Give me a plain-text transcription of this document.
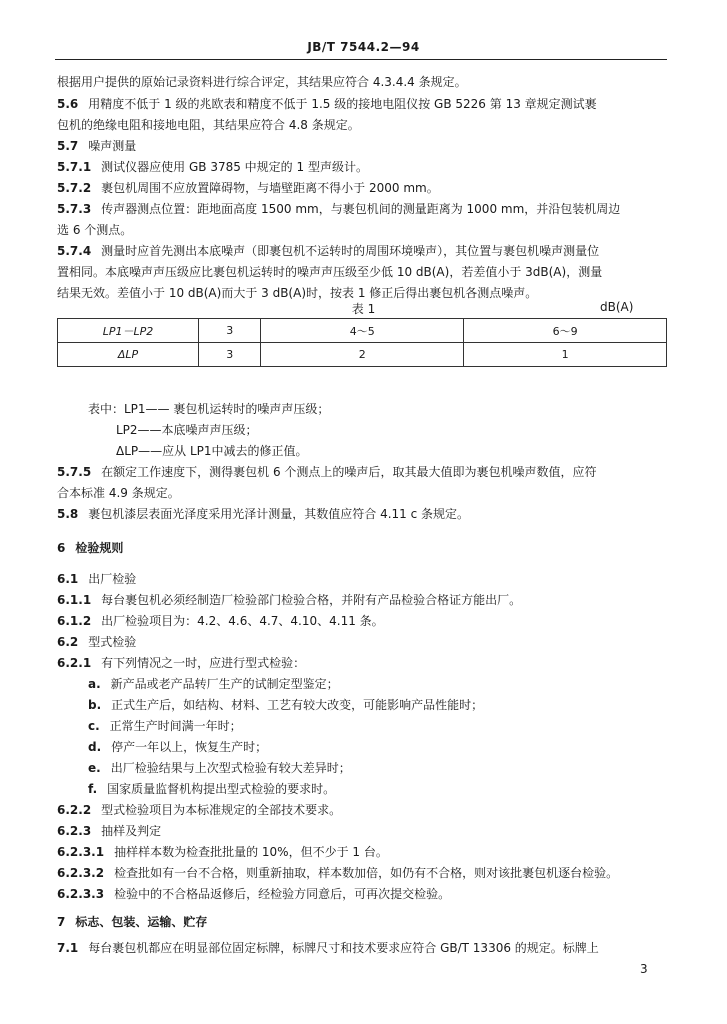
JB/T 7544.2—94
根据用户提供的原始记录资料进行综合评定，其结果应符合 4.3.4.4 条规定。
5.6 用精度不低于 1 级的兆欧表和精度不低于 1.5 级的接地电阻仪按 GB 5226 第 13 章规定测试裹
包机的绝缘电阻和接地电阻，其结果应符合 4.8 条规定。
5.7 噪声测量
5.7.1 测试仪器应使用 GB 3785 中规定的 1 型声级计。
5.7.2 裹包机周围不应放置障碍物，与墙壁距离不得小于 2000 mm。
5.7.3 传声器测点位置：距地面高度 1500 mm，与裹包机间的测量距离为 1000 mm，并沿包装机周边
选 6 个测点。
5.7.4 测量时应首先测出本底噪声（即裹包机不运转时的周围环境噪声），其位置与裹包机噪声测量位
置相同。本底噪声声压级应比裹包机运转时的噪声声压级至少低 10 dB(A)，若差值小于 3dB(A)，测量
结果无效。差值小于 10 dB(A)而大于 3 dB(A)时，按表 1 修正后得出裹包机各测点噪声。
表 1	dB(A)
LP1－LP2	3	4～5	6～9
ΔLP	3	2	1
表中：LP1—— 裹包机运转时的噪声声压级；
LP2——本底噪声声压级；
ΔLP——应从 LP1中减去的修正值。
5.7.5 在额定工作速度下，测得裹包机 6 个测点上的噪声后，取其最大值即为裹包机噪声数值，应符
合本标准 4.9 条规定。
5.8 裹包机漆层表面光泽度采用光泽计测量，其数值应符合 4.11 c 条规定。
6 检验规则
6.1 出厂检验
6.1.1 每台裹包机必须经制造厂检验部门检验合格，并附有产品检验合格证方能出厂。
6.1.2 出厂检验项目为：4.2、4.6、4.7、4.10、4.11 条。
6.2 型式检验
6.2.1 有下列情况之一时，应进行型式检验：
a. 新产品或老产品转厂生产的试制定型鉴定；
b. 正式生产后，如结构、材料、工艺有较大改变，可能影响产品性能时；
c. 正常生产时间满一年时；
d. 停产一年以上，恢复生产时；
e. 出厂检验结果与上次型式检验有较大差异时；
f. 国家质量监督机构提出型式检验的要求时。
6.2.2 型式检验项目为本标准规定的全部技术要求。
6.2.3 抽样及判定
6.2.3.1 抽样样本数为检查批批量的 10%，但不少于 1 台。
6.2.3.2 检查批如有一台不合格，则重新抽取，样本数加倍，如仍有不合格，则对该批裹包机逐台检验。
6.2.3.3 检验中的不合格品返修后，经检验方同意后，可再次提交检验。
7 标志、包装、运输、贮存
7.1 每台裹包机都应在明显部位固定标牌，标牌尺寸和技术要求应符合 GB/T 13306 的规定。标牌上
3
